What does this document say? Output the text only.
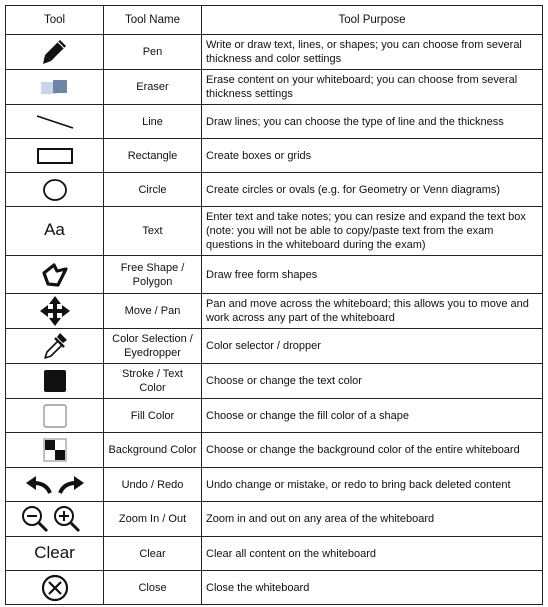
Tool	Tool Name	Tool Purpose

	Pen	Write or draw text, lines, or shapes; you can choose from several thickness and color settings

	Eraser	Erase content on your whiteboard; you can choose from several thickness settings

	Line	Draw lines; you can choose the type of line and the thickness

	Rectangle	Create boxes or grids

	Circle	Create circles or ovals (e.g. for Geometry or Venn diagrams)
Aa	Text	Enter text and take notes; you can resize and expand the text box (note: you will not be able to copy/paste text from the exam questions in the whiteboard during the exam)

	Free Shape / Polygon	Draw free form shapes

	Move / Pan	Pan and move across the whiteboard; this allows you to move and work across any part of the whiteboard

	Color Selection / Eyedropper	Color selector / dropper

	Stroke / Text Color	Choose or change the text color

	Fill Color	Choose or change the fill color of a shape

	Background Color	Choose or change the background color of the entire whiteboard

	Undo / Redo	Undo change or mistake, or redo to bring back deleted content

	Zoom In / Out	Zoom in and out on any area of the whiteboard
Clear	Clear	Clear all content on the whiteboard

	Close	Close the whiteboard
